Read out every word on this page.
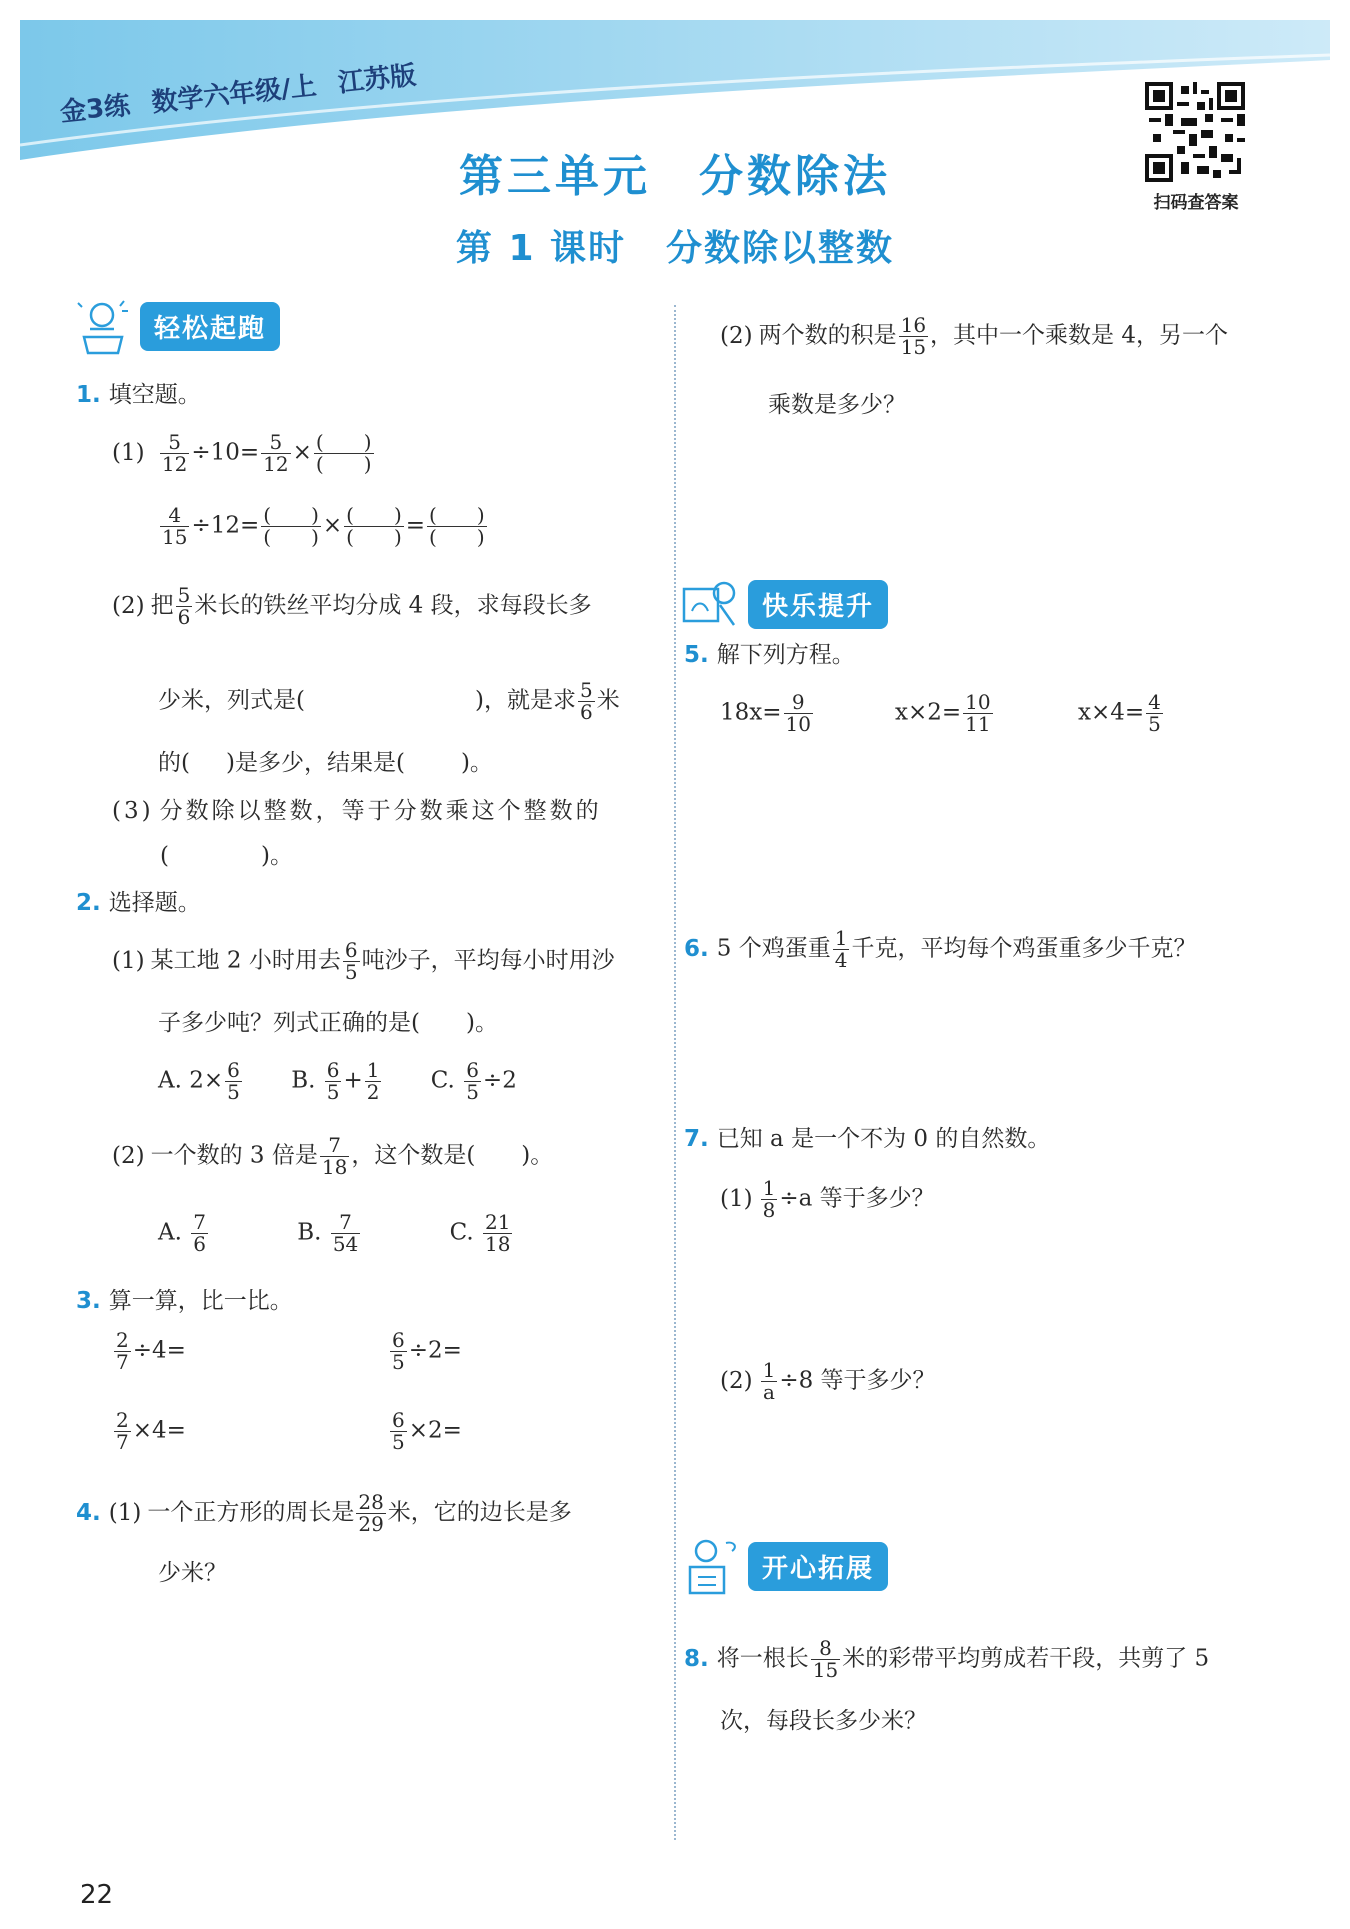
金3练 数学六年级/上 江苏版
扫码查答案
第三单元　分数除法
第 1 课时 分数除以整数
轻松起跑
1. 填空题。
$(1) \frac{5}{12} \div 10= \frac{5}{12}$ × (　　)
(　　)
$\frac{4}{15} \div 12=$ (　　)
(　　) × (　　)
(　　) = (　　)
(　　)
(2) 把 $\frac{5}{6}$ 米长的铁丝平均分成 4 段，求每段长多
少米，列式是(	)，就是求 $\frac{5}{6}$ 米
的( )是多少，结果是( )。
(3) 分数除以整数，等于分数乘这个整数的
(　　　　)。
2. 选择题。
(1) 某工地 2 小时用去 $\frac{6}{5}$ 吨沙子，平均每小时用沙
子多少吨？列式正确的是(　　)。
A. $2\times \frac{6}{5} B$. $\frac{6}{5} + \frac{1}{2} C$. $\frac{6}{5} \div 2$
(2) 一个数的 3 倍是 $\frac{7}{18}$ ，这个数是(　　)。
A. $\frac{7}{6}$	B. $\frac{7}{54}$	C. $\frac{21}{18}$
3. 算一算，比一比。
$\frac{2}{7} \div 4=$	$\frac{6}{5} \div 2=$
$\frac{2}{7} \times 4=$	$\frac{6}{5} \times 2=$
4. (1) 一个正方形的周长是 $\frac{28}{29}$ 米，它的边长是多
少米？
(2) 两个数的积是 $\frac{16}{15}$ ，其中一个乘数是 4，另一个
乘数是多少？
快乐提升
5. 解下列方程。
$18x= \frac{9}{10}$	$x\times 2= \frac{10}{11}$	$x\times 4= \frac{4}{5}$
6. 5 个鸡蛋重 $\frac{1}{4}$ 千克，平均每个鸡蛋重多少千克？
7. 已知 a 是一个不为 0 的自然数。
$(1) \frac{1}{8} \div a$ 等于多少？
$(2) \frac{1}{a} \div 8$ 等于多少？
开心拓展
8. 将一根长 $\frac{8}{15}$ 米的彩带平均剪成若干段，共剪了 5
次，每段长多少米？
22
